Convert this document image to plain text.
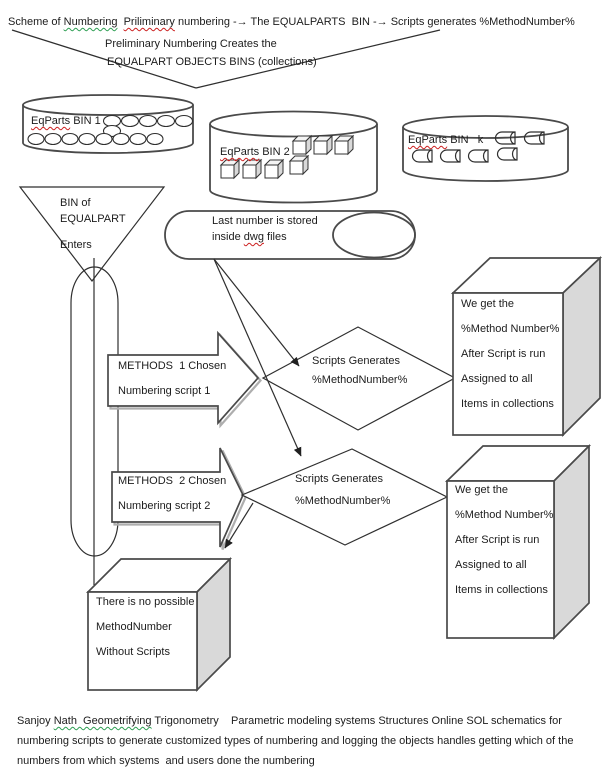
Scheme of Numbering Priliminary numbering -→ The EQUALPARTS  BIN -→ Scripts generates %MethodNumber%
Preliminary Numbering Creates the
EQUALPART OBJECTS BINS (collections)
EqParts BIN 1
EqParts BIN 2
EqParts BIN   k
BIN of
EQUALPART
Enters
Last number is stored
inside dwg files
METHODS  1 Chosen
Numbering script 1
METHODS  2 Chosen
Numbering script 2
Scripts Generates
%MethodNumber%
Scripts Generates
%MethodNumber%
We get the
%Method Number%
After Script is run
Assigned to all
Items in collections
We get the
%Method Number%
After Script is run
Assigned to all
Items in collections
There is no possible
MethodNumber
Without Scripts
Sanjoy Nath  Geometrifying Trigonometry    Parametric modeling systems Structures Online SOL schematics for
numbering scripts to generate customized types of numbering and logging the objects handles getting which of the
numbers from which systems  and users done the numbering
